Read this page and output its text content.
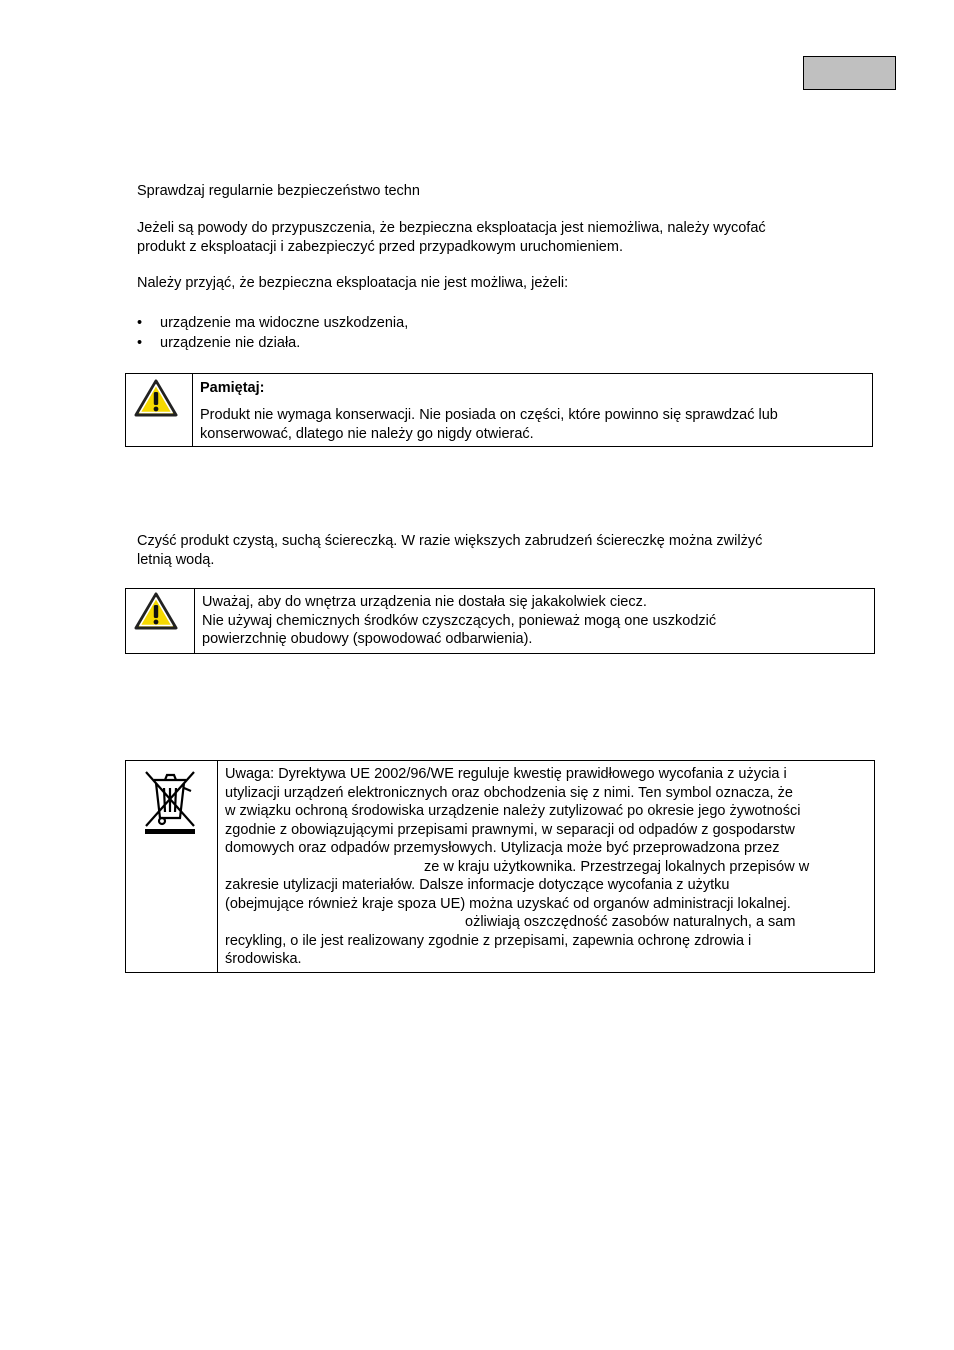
Sprawdzaj regularnie bezpieczeństwo techn

Jeżeli są powody do przypuszczenia, że bezpieczna eksploatacja jest niemożliwa, należy wycofać

produkt z eksploatacji i zabezpieczyć przed przypadkowym uruchomieniem.

Należy przyjąć, że bezpieczna eksploatacja nie jest możliwa, jeżeli:

• urządzenie ma widoczne uszkodzenia,
• urządzenie nie działa.
Pamiętaj:
Produkt nie wymaga konserwacji. Nie posiada on części, które powinno się sprawdzać lub
konserwować, dlatego nie należy go nigdy otwierać.

Czyść produkt czystą, suchą ściereczką. W razie większych zabrudzeń ściereczkę można zwilżyć

letnią wodą.

Uważaj, aby do wnętrza urządzenia nie dostała się jakakolwiek ciecz.
Nie używaj chemicznych środków czyszczących, ponieważ mogą one uszkodzić
powierzchnię obudowy (spowodować odbarwienia).
Uwaga: Dyrektywa UE 2002/96/WE reguluje kwestię prawidłowego wycofania z użycia i
utylizacji urządzeń elektronicznych oraz obchodzenia się z nimi. Ten symbol oznacza, że
w związku ochroną środowiska urządzenie należy zutylizować po okresie jego żywotności
zgodnie z obowiązującymi przepisami prawnymi, w separacji od odpadów z gospodarstw
domowych oraz odpadów przemysłowych. Utylizacja może być przeprowadzona przez
ze w kraju użytkownika. Przestrzegaj lokalnych przepisów w
zakresie utylizacji materiałów. Dalsze informacje dotyczące wycofania z użytku
(obejmujące również kraje spoza UE) można uzyskać od organów administracji lokalnej.
ożliwiają oszczędność zasobów naturalnych, a sam
recykling, o ile jest realizowany zgodnie z przepisami, zapewnia ochronę zdrowia i
środowiska.
